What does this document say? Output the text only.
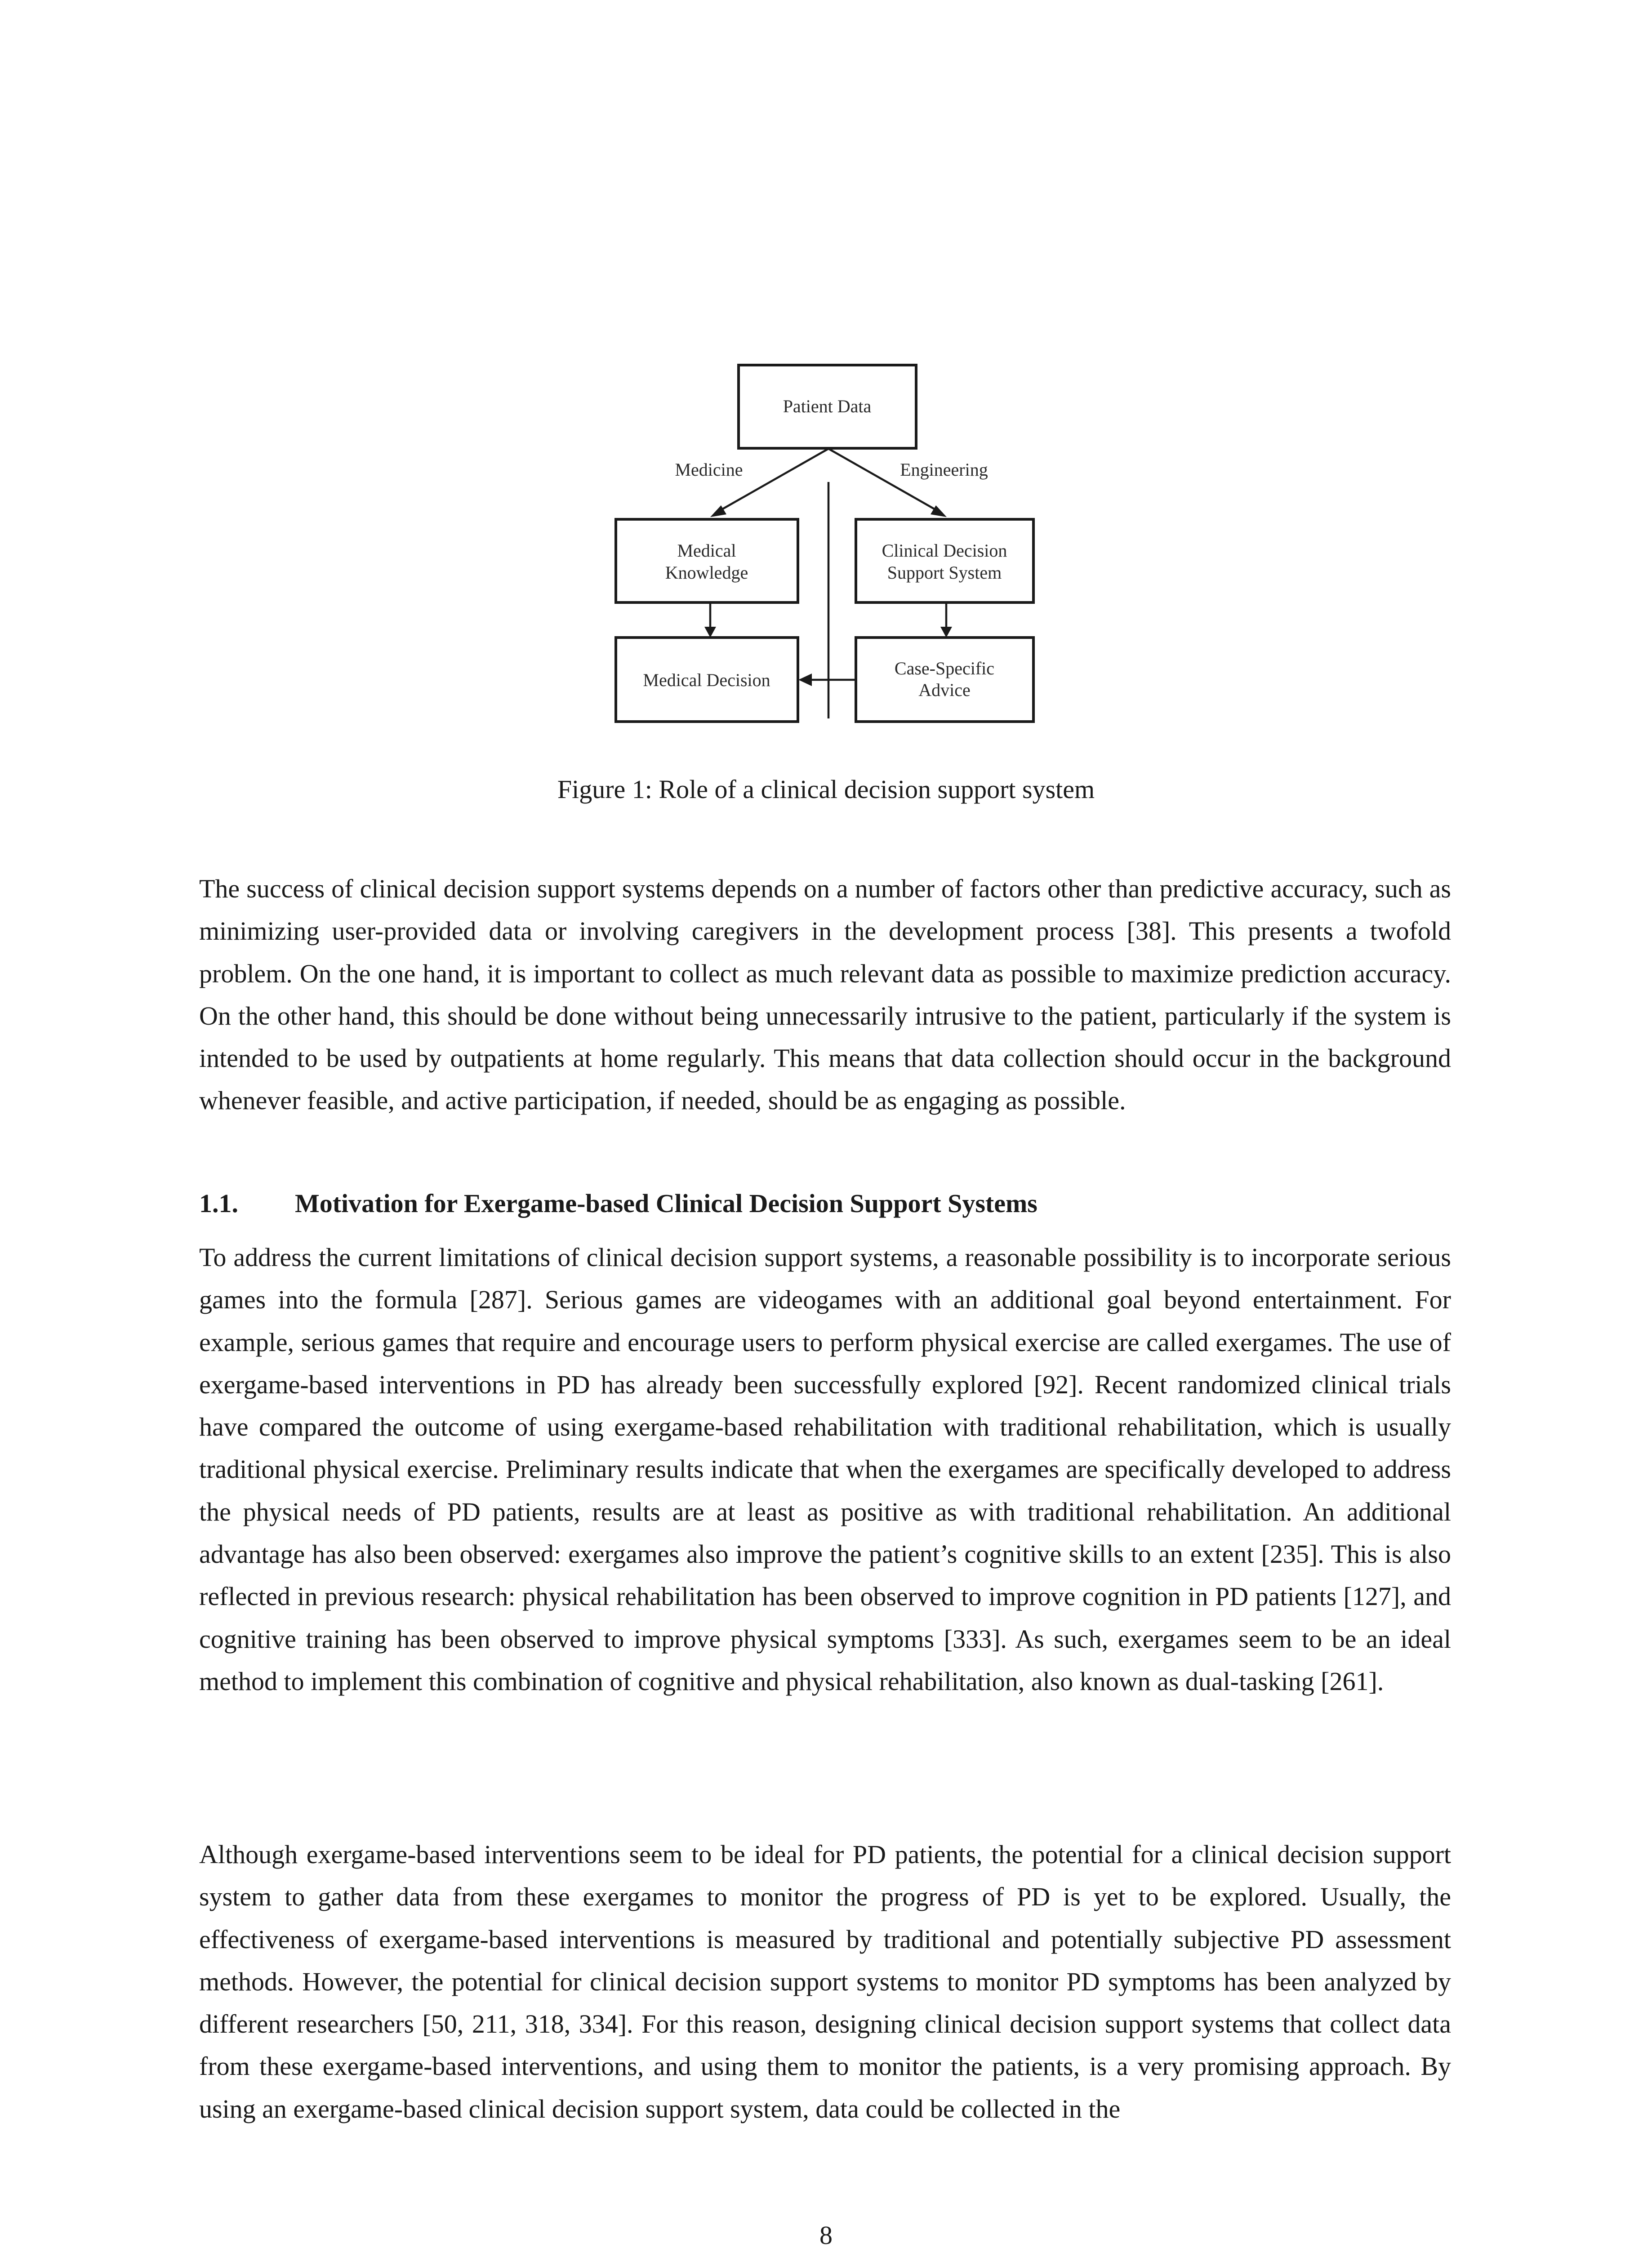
Patient Data
Medicine	Engineering
Medical
Knowledge
Clinical Decision
Support System
Medical Decision
Case-Specific
Advice

Figure 1: Role of a clinical decision support system

The success of clinical decision support systems depends on a number of factors other than predictive accuracy, such as minimizing user-provided data or involving caregivers in the development process [38]. This presents a twofold problem. On the one hand, it is important to collect as much relevant data as possible to maximize prediction accuracy. On the other hand, this should be done without being unnecessarily intrusive to the patient, particularly if the system is intended to be used by outpatients at home regularly. This means that data collection should occur in the background whenever feasible, and active participation, if needed, should be as engaging as possible.

1.1. Motivation for Exergame-based Clinical Decision Support Systems

To address the current limitations of clinical decision support systems, a reasonable possibility is to incorporate serious games into the formula [287]. Serious games are videogames with an additional goal beyond entertainment. For example, serious games that require and encourage users to perform physical exercise are called exergames. The use of exergame-based interventions in PD has already been successfully explored [92]. Recent randomized clinical trials have compared the outcome of using exergame-based rehabilitation with traditional rehabilitation, which is usually traditional physical exercise. Preliminary results indicate that when the exergames are specifically developed to address the physical needs of PD patients, results are at least as positive as with traditional rehabilitation. An additional advantage has also been observed: exergames also improve the patient’s cognitive skills to an extent [235]. This is also reflected in previous research: physical rehabilitation has been observed to improve cognition in PD patients [127], and cognitive training has been observed to improve physical symptoms [333]. As such, exergames seem to be an ideal method to implement this combination of cognitive and physical rehabilitation, also known as dual-tasking [261].

Although exergame-based interventions seem to be ideal for PD patients, the potential for a clinical decision support system to gather data from these exergames to monitor the progress of PD is yet to be explored. Usually, the effectiveness of exergame-based interventions is measured by traditional and potentially subjective PD assessment methods. However, the potential for clinical decision support systems to monitor PD symptoms has been analyzed by different researchers [50, 211, 318, 334]. For this reason, designing clinical decision support systems that collect data from these exergame-based interventions, and using them to monitor the patients, is a very promising approach. By using an exergame-based clinical decision support system, data could be collected in the

8
